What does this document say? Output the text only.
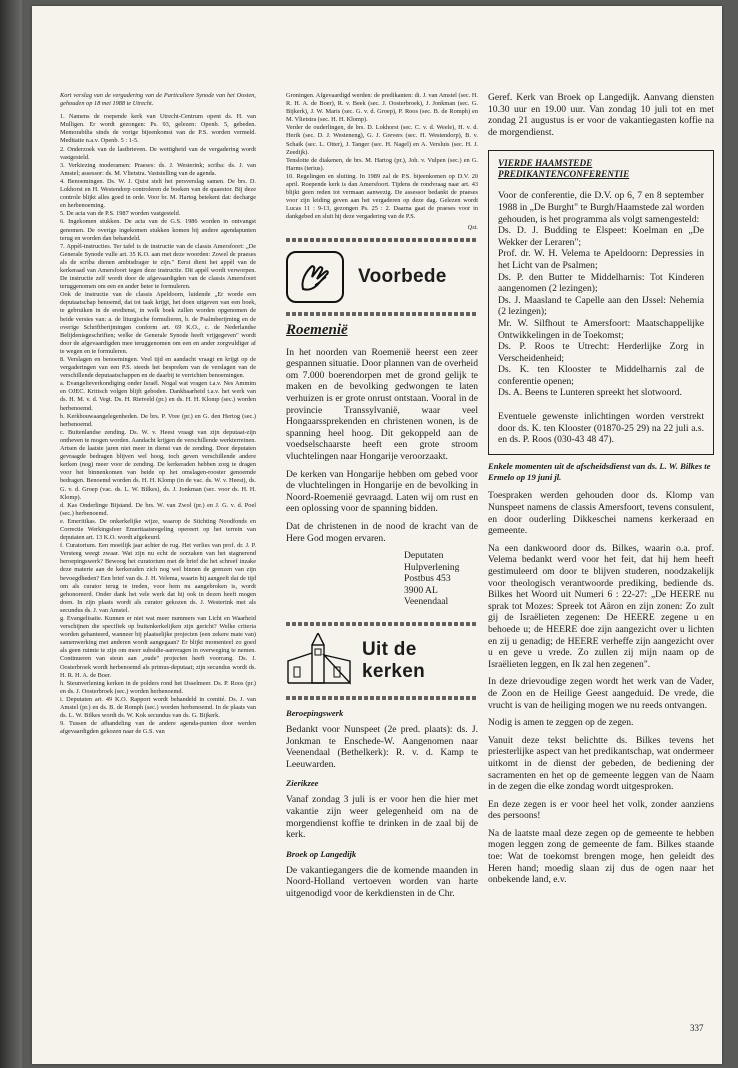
Kort verslag van de vergadering van de Particuliere Synode van het Oosten, gehouden op 18 mei 1988 te Utrecht.

1. Namens de roepende kerk van Utrecht-Centrum opent ds. H. van Mulligen. Er wordt gezongen: Ps. 93, gelezen: Openb. 5, gebeden. Memorabilia sinds de vorige bijeenkomst van de P.S. worden vermeld. Meditatie n.a.v. Openb. 5 : 1-5.

2. Onderzoek van de lastbrieven. De wettigheid van de vergadering wordt vastgesteld.

3. Verkiezing moderamen: Praeses: ds. J. Westerink; scriba: ds. J. van Amstel; assessor: ds. M. Vlietstra. Vaststelling van de agenda.

4. Benoemingen. Ds. W. J. Quist stelt het persverslag samen. De brs. D. Lokhorst en H. Westendorp controleren de boeken van de quaestor. Bij deze controle blijkt alles goed in orde. Voor br. M. Hartog betekent dat: decharge en herbenoeming.

5. De acta van de P.S. 1987 worden vastgesteld.

6. Ingekomen stukken. De acta van de G.S. 1986 worden in ontvangst genomen. De overige ingekomen stukken komen bij andere agendapunten terug en worden dan behandeld.

7. Appèl-instructies. Ter tafel is de instructie van de classis Amersfoort: „De Generale Synode vulle art. 35 K.O. aan met deze woorden: Zowel de praeses als de scriba dienen ambtsdrager te zijn." Eerst dient het appèl van de kerkeraad van Amersfoort tegen deze instructie. Dit appèl wordt verworpen. De instructie zelf wordt door de afgevaardigden van de classis Amersfoort teruggenomen om een en ander beter te formuleren.

Ook de instructie van de classis Apeldoorn, luidende „Er worde een deputaatschap benoemd, dat tot taak krijgt, het doen uitgeven van een boek, te gebruiken in de eredienst, in welk boek zullen worden opgenomen de beide versies van: a. de liturgische formulieren, b. de Psalmberijming en de overige Schriftberijmingen conform art. 69 K.O., c. de Nederlandse Belijdenisgeschriften; welke de Generale Synode heeft vrijgegeven" wordt door de afgevaardigden mee teruggenomen om een en ander zorgvuldiger af te wegen en te formuleren.

8. Verslagen en benoemingen. Veel tijd en aandacht vraagt en krijgt op de vergaderingen van een P.S. steeds het bespreken van de verslagen van de verschillende deputaatschappen en de daarbij te verrichten benoemingen.

a. Evangelieverkondiging onder Israël. Nogal wat vragen t.a.v. Nes Ammim en OJEC. Kritisch volgen blijft geboden. Dankbaarheid t.a.v. het werk van ds. H. M. v. d. Vegt. Ds. H. Rietveld (pr.) en ds. H. H. Klomp (sec.) worden herbenoemd.

b. Kerkbouwaangelegenheden. De brs. P. Vree (pr.) en G. den Hertog (sec.) herbenoemd.

c. Buitenlandse zending. Ds. W. v. Heest vraagt van zijn deputaat-zijn ontheven te mogen worden. Aandacht krijgen de verschillende werkterreinen. Artsen de laatste jaren niet meer in dienst van de zending. Door deputaten gevraagde bedragen blijven wel hoog, toch geven verschillende andere kerken (nog) meer voor de zending. De kerkeraden hebben zorg te dragen voor het binnenkomen van beide op het omslagen-rooster genoemde bedragen. Benoemd worden ds. H. H. Klomp (in de vac. ds. W. v. Heest), ds. G. v. d. Groep (vac. ds. L. W. Bilkes), ds. J. Jonkman (sec. voor ds. H. H. Klomp).

d. Kas Onderlinge Bijstand. De brs. W. van Zwol (pr.) en J. G. v. d. Poel (sec.) herbenoemd.

e. Emeritikas. De onkerkelijke wijze, waarop de Stichting Noodfonds en Correctie Werkingsfeer Emeritaatsregeling opereert op het terrein van deputaten art. 13 K.O. wordt afgekeurd.

f. Curatorium. Een moeilijk jaar achter de rug. Het verlies van prof. dr. J. P. Versteeg weegt zwaar. Wat zijn nu echt de oorzaken van het stagnerend beroepingswerk? Bewoog het curatorium met de brief die het schreef inzake deze materie aan de kerkeraden zich nog wel binnen de grenzen van zijn bevoegdheden? Een brief van ds. J. H. Velema, waarin hij aangeeft dat de tijd om als curator terug te treden, voor hem nu aangebroken is, wordt gehonoreerd. Onder dank het vele werk dat hij ook in dezen heeft mogen doen. In zijn plaats wordt als curator gekozen ds. J. Westerink met als secundus ds. J. van Amstel.

g. Evangelisatie. Kunnen er niet wat meer nummers van Licht en Waarheid verschijnen die specifiek op buitenkerkelijken zijn gericht? Welke criteria worden gehanteerd, wanneer bij plaatselijke projecten (een zekere mate van) samenwerking met anderen wordt aangegaan? Er blijkt momenteel zo goed als geen ruimte te zijn om meer subsidie-aanvragen in overweging te nemen. Continueren van steun aan „oude" projecten heeft voorrang. Ds. J. Oosterbroek wordt herbenoemd als primus-deputaat; zijn secundus wordt ds. H. R. H. A. de Boer.

h. Steunverlening kerken in de polders rond het IJsselmeer. Ds. P. Roos (pr.) en ds. J. Oosterbroek (sec.) worden herbenoemd.

i. Deputaten art. 49 K.O. Rapport wordt behandeld in comité. Ds. J. van Amstel (pr.) en ds. B. de Romph (sec.) worden herbenoemd. In de plaats van ds. L. W. Bilkes wordt ds. W. Kok secundus van ds. G. Bijkerk.

9. Tussen de afhandeling van de andere agenda-punten door werden afgevaardigden gekozen naar de G.S. van

Groningen. Afgevaardigd werden: de predikanten: di. J. van Amstel (sec. H. R. H. A. de Boer), R. v. Beek (sec. J. Oosterbroek), J. Jonkman (sec. G. Bijkerk), J. W. Maris (sec. G. v. d. Groep), P. Roos (sec. B. de Romph) en M. Vlietstra (sec. H. H. Klomp).

Verder de ouderlingen, de brs. D. Lokhorst (sec. C. v. d. Weele), H. v. d. Herik (sec. D. J. Westeneng), G. J. Grevers (sec. H. Westendorp), B. v. Schaik (sec. L. Otter), J. Tanger (sec. H. Nagel) en A. Versluis (sec. H. J. Zeedijk).

Tenslotte de diakenen, de brs. M. Hartog (pr.), Joh. v. Vulpen (sec.) en G. Harms (terius).

10. Regelingen en sluiting. In 1989 zal de P.S. bijeenkomen op D.V. 20 april. Roepende kerk is dan Amersfoort. Tijdens de rondvraag naar art. 43 blijkt geen reden tot vermaan aanwezig. De assessor bedankt de praeses voor zijn leiding geven aan het vergaderen op deze dag. Gelezen wordt Lucas 11 : 9-13, gezongen Ps. 25 : 2. Daarna gaat de praeses voor in dankgebed en sluit hij deze vergadering van de P.S.

Qst.

Voorbede
Roemenië

In het noorden van Roemenië heerst een zeer gespannen situatie. Door plannen van de overheid om 7.000 boerendorpen met de grond gelijk te maken en de bevolking gedwongen te laten verhuizen is er grote onrust ontstaan. Vooral in de provincie Transsylvanië, waar veel Hongaarssprekenden en christenen wonen, is de spanning heel hoog. Dit gekoppeld aan de voedselschaarste heeft een grote stroom vluchtelingen naar Hongarije veroorzaakt.

De kerken van Hongarije hebben om gebed voor de vluchtelingen in Hongarije en de bevolking in Noord-Roemenië gevraagd. Laten wij om rust en een oplossing voor de spanning bidden.

Dat de christenen in de nood de kracht van de Here God mogen ervaren.

Deputaten Hulpverlening
Postbus 453
3900 AL Veenendaal
Uit de kerken
Beroepingswerk

Bedankt voor Nunspeet (2e pred. plaats): ds. J. Jonkman te Enschede-W. Aangenomen naar Veenendaal (Bethelkerk): R. v. d. Kamp te Leeuwarden.

Zierikzee

Vanaf zondag 3 juli is er voor hen die hier met vakantie zijn weer gelegenheid om na de morgendienst koffie te drinken in de zaal bij de kerk.

Broek op Langedijk

De vakantiegangers die de komende maanden in Noord-Holland vertoeven worden van harte uitgenodigd voor de kerkdiensten in de Chr.

Geref. Kerk van Broek op Langedijk. Aanvang diensten 10.30 uur en 19.00 uur. Van zondag 10 juli tot en met zondag 21 augustus is er voor de vakantiegasten koffie na de morgendienst.

VIERDE HAAMSTEDE
PREDIKANTENCONFERENTIE

Voor de conferentie, die D.V. op 6, 7 en 8 september 1988 in „De Burght" te Burgh/Haamstede zal worden gehouden, is het programma als volgt samengesteld:

Ds. D. J. Budding te Elspeet: Koelman en „De Wekker der Leraren";
Prof. dr. W. H. Velema te Apeldoorn: Depressies in het Licht van de Psalmen;
Ds. P. den Butter te Middelharnis: Tot Kinderen aangenomen (2 lezingen);
Ds. J. Maasland te Capelle aan den IJssel: Nehemia (2 lezingen);
Mr. W. Silfhout te Amersfoort: Maatschappelijke Ontwikkelingen in de Toekomst;
Ds. P. Roos te Utrecht: Herderlijke Zorg in Verscheidenheid;
Ds. K. ten Klooster te Middelharnis zal de conferentie openen;
Ds. A. Beens te Lunteren spreekt het slotwoord.

Eventuele gewenste inlichtingen worden verstrekt door ds. K. ten Klooster (01870-25 29) na 22 juli a.s. en ds. P. Roos (030-43 48 47).

Enkele momenten uit de afscheidsdienst van ds. L. W. Bilkes te Ermelo op 19 juni jl.

Toespraken werden gehouden door ds. Klomp van Nunspeet namens de classis Amersfoort, tevens consulent, en door ouderling Dikkeschei namens kerkeraad en gemeente.

Na een dankwoord door ds. Bilkes, waarin o.a. prof. Velema bedankt werd voor het feit, dat hij hem heeft gestimuleerd om door te blijven studeren, noodzakelijk voor theologisch verantwoorde prediking, bediende ds. Bilkes het Woord uit Numeri 6 : 22-27: „De HEERE nu sprak tot Mozes: Spreek tot Aäron en zijn zonen: Zo zult gij de Israëlieten zegenen: De HEERE zegene u en behoede u; de HEERE doe zijn aangezicht over u lichten en zij u genadig; de HEERE verheffe zijn aangezicht over u en geve u vrede. Zo zullen zij mijn naam op de Israëlieten leggen, en Ik zal hen zegenen".

In deze drievoudige zegen wordt het werk van de Vader, de Zoon en de Heilige Geest aangeduid. De vrede, die vrucht is van de heiliging mogen we nu reeds ontvangen.

Nodig is amen te zeggen op de zegen.

Vanuit deze tekst belichtte ds. Bilkes tevens het priesterlijke aspect van het predikantschap, wat ondermeer uitkomt in de dienst der gebeden, de bediening der sacramenten en het op de gemeente leggen van de Naam in de zegen die elke zondag wordt uitgesproken.

En deze zegen is er voor heel het volk, zonder aanziens des persoons!

Na de laatste maal deze zegen op de gemeente te hebben mogen leggen zong de gemeente de fam. Bilkes staande toe: Wat de toekomst brengen moge, hen geleidt des Heren hand; moedig slaan zij dus de ogen naar het onbekende land, e.v.

337
